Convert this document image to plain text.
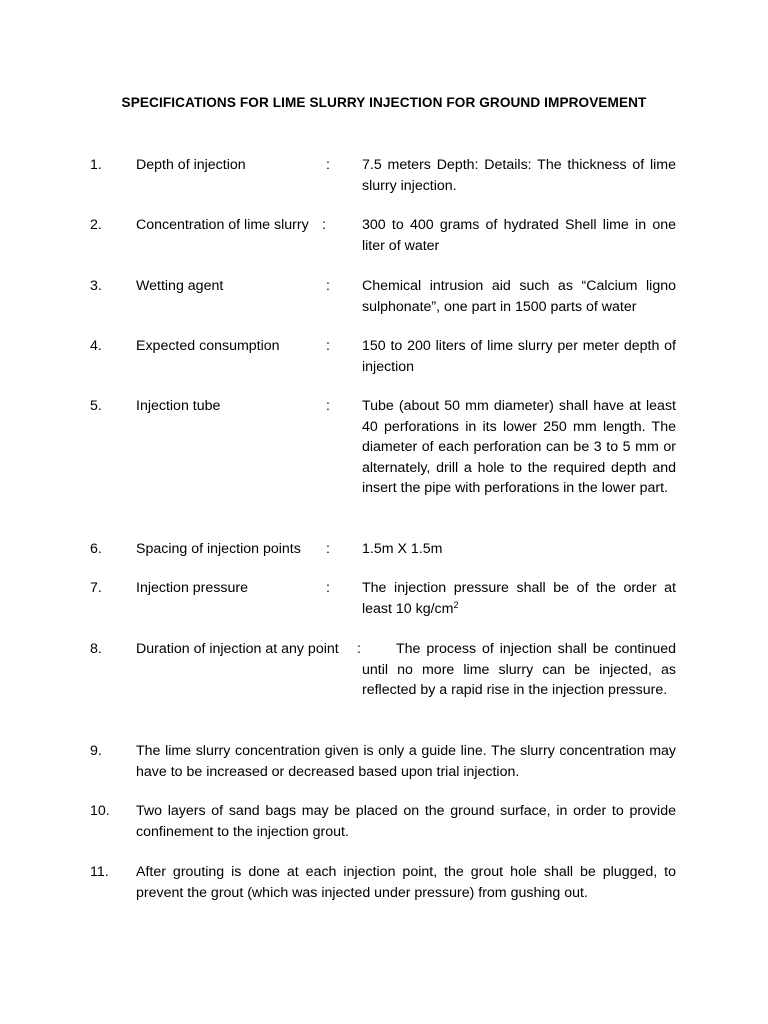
SPECIFICATIONS FOR LIME SLURRY INJECTION FOR GROUND IMPROVEMENT
1. Depth of injection	: 7.5 meters Depth: Details: The thickness of lime slurry injection.
2. Concentration of lime slurry :	300 to 400 grams of hydrated Shell lime in one liter of water
3. Wetting agent	: Chemical intrusion aid such as “Calcium ligno sulphonate”, one part in 1500 parts of water
4. Expected consumption	: 150 to 200 liters of lime slurry per meter depth of injection
5. Injection tube	: Tube (about 50 mm diameter) shall have at least 40 perforations in its lower 250 mm length. The diameter of each perforation can be 3 to 5 mm or alternately, drill a hole to the required depth and insert the pipe with perforations in the lower part.
6. Spacing of injection points : 1.5m X 1.5m
7. Injection pressure	: The injection pressure shall be of the order at least 10 $kg/cm^2$
8. Duration of injection at any point :	The process of injection shall be continued until no more lime slurry can be injected, as reflected by a rapid rise in the injection pressure.
9. The lime slurry concentration given is only a guide line. The slurry concentration may have to be increased or decreased based upon trial injection.
10. Two layers of sand bags may be placed on the ground surface, in order to provide confinement to the injection grout.
11. After grouting is done at each injection point, the grout hole shall be plugged, to prevent the grout (which was injected under pressure) from gushing out.
